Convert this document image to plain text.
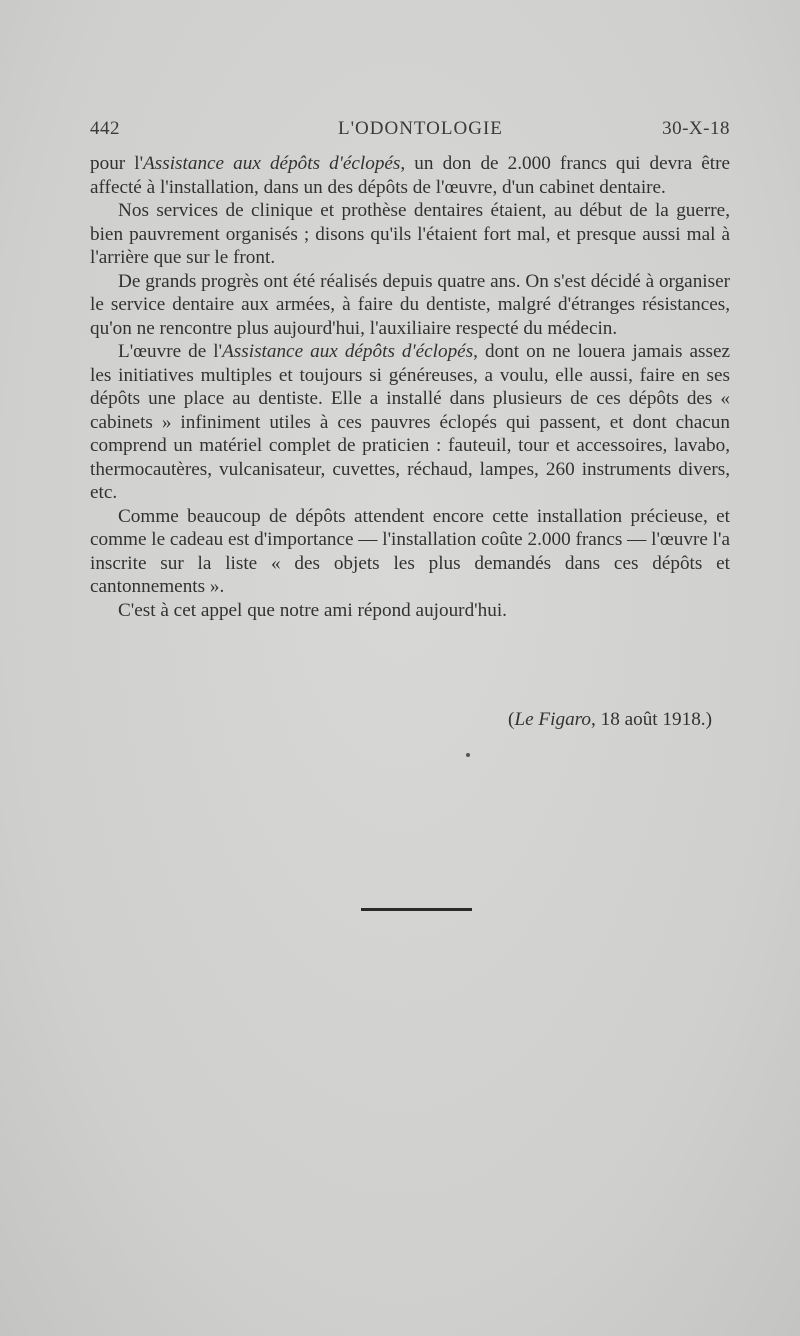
442	L'ODONTOLOGIE	30-X-18

pour l'Assistance aux dépôts d'éclopés, un don de 2.000 francs qui devra être affecté à l'installation, dans un des dépôts de l'œuvre, d'un cabinet dentaire.

Nos services de clinique et prothèse dentaires étaient, au début de la guerre, bien pauvrement organisés ; disons qu'ils l'étaient fort mal, et presque aussi mal à l'arrière que sur le front.

De grands progrès ont été réalisés depuis quatre ans. On s'est décidé à organiser le service dentaire aux armées, à faire du dentiste, malgré d'étranges résistances, qu'on ne rencontre plus aujourd'hui, l'auxiliaire respecté du médecin.

L'œuvre de l'Assistance aux dépôts d'éclopés, dont on ne louera jamais assez les initiatives multiples et toujours si généreuses, a voulu, elle aussi, faire en ses dépôts une place au dentiste. Elle a installé dans plusieurs de ces dépôts des « cabinets » infiniment utiles à ces pauvres éclopés qui passent, et dont chacun comprend un matériel complet de praticien : fauteuil, tour et accessoires, lavabo, thermocautères, vulcanisateur, cuvettes, réchaud, lampes, 260 instruments divers, etc.

Comme beaucoup de dépôts attendent encore cette installation précieuse, et comme le cadeau est d'importance — l'installation coûte 2.000 francs — l'œuvre l'a inscrite sur la liste « des objets les plus demandés dans ces dépôts et cantonnements ».

C'est à cet appel que notre ami répond aujourd'hui.

(Le Figaro, 18 août 1918.)
